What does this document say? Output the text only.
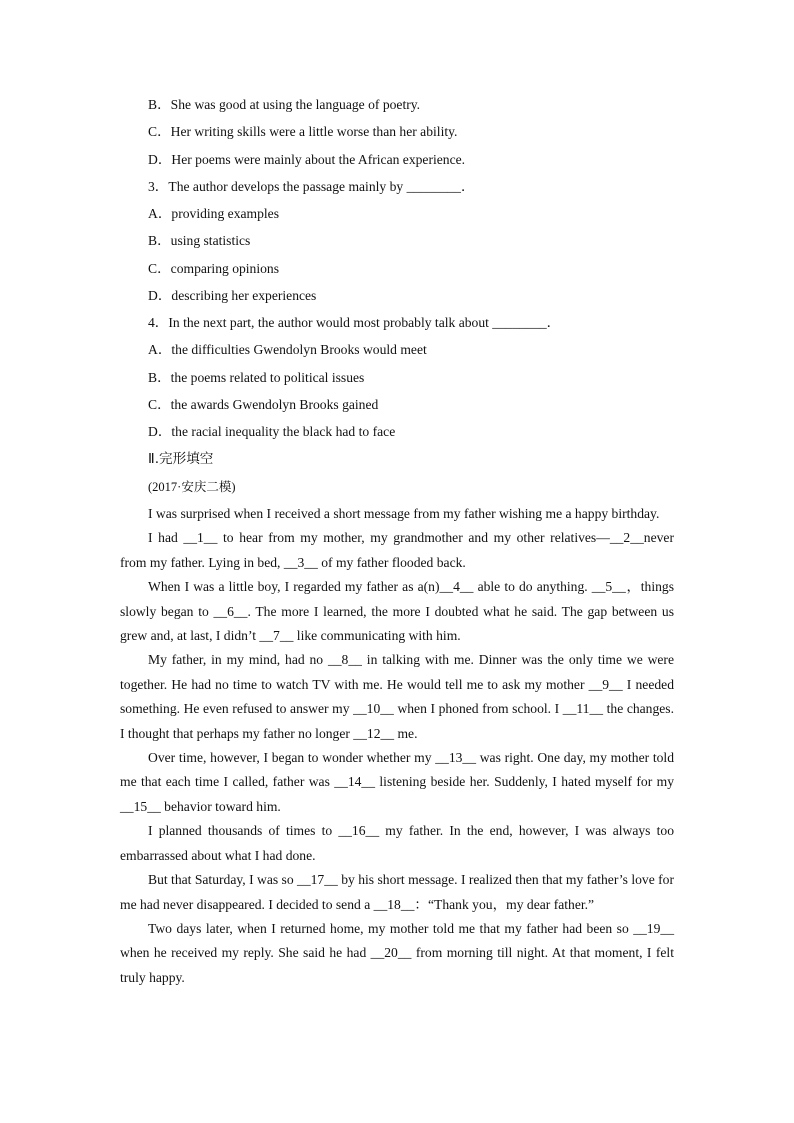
B．She was good at using the language of poetry.
C．Her writing skills were a little worse than her ability.
D．Her poems were mainly about the African experience.
3．The author develops the passage mainly by ________．
A．providing examples
B．using statistics
C．comparing opinions
D．describing her experiences
4．In the next part, the author would most probably talk about ________．
A．the difficulties Gwendolyn Brooks would meet
B．the poems related to political issues
C．the awards Gwendolyn Brooks gained
D．the racial inequality the black had to face
Ⅱ.完形填空
(2017·安庆二模)

I was surprised when I received a short message from my father wishing me a happy birthday.

I had __1__ to hear from my mother, my grandmother and my other relatives—__2__never from my father. Lying in bed, __3__ of my father flooded back.

When I was a little boy, I regarded my father as a(n)__4__ able to do anything. __5__，things slowly began to __6__. The more I learned, the more I doubted what he said. The gap between us grew and, at last, I didn’t __7__ like communicating with him.

My father, in my mind, had no __8__ in talking with me. Dinner was the only time we were together. He had no time to watch TV with me. He would tell me to ask my mother __9__ I needed something. He even refused to answer my __10__ when I phoned from school. I __11__ the changes. I thought that perhaps my father no longer __12__ me.

Over time, however, I began to wonder whether my __13__ was right. One day, my mother told me that each time I called, father was __14__ listening beside her. Suddenly, I hated myself for my __15__ behavior toward him.

I planned thousands of times to __16__ my father. In the end, however, I was always too embarrassed about what I had done.

But that Saturday, I was so __17__ by his short message. I realized then that my father’s love for me had never disappeared. I decided to send a __18__：“Thank you，my dear father.”

Two days later, when I returned home, my mother told me that my father had been so __19__ when he received my reply. She said he had __20__ from morning till night. At that moment, I felt truly happy.
